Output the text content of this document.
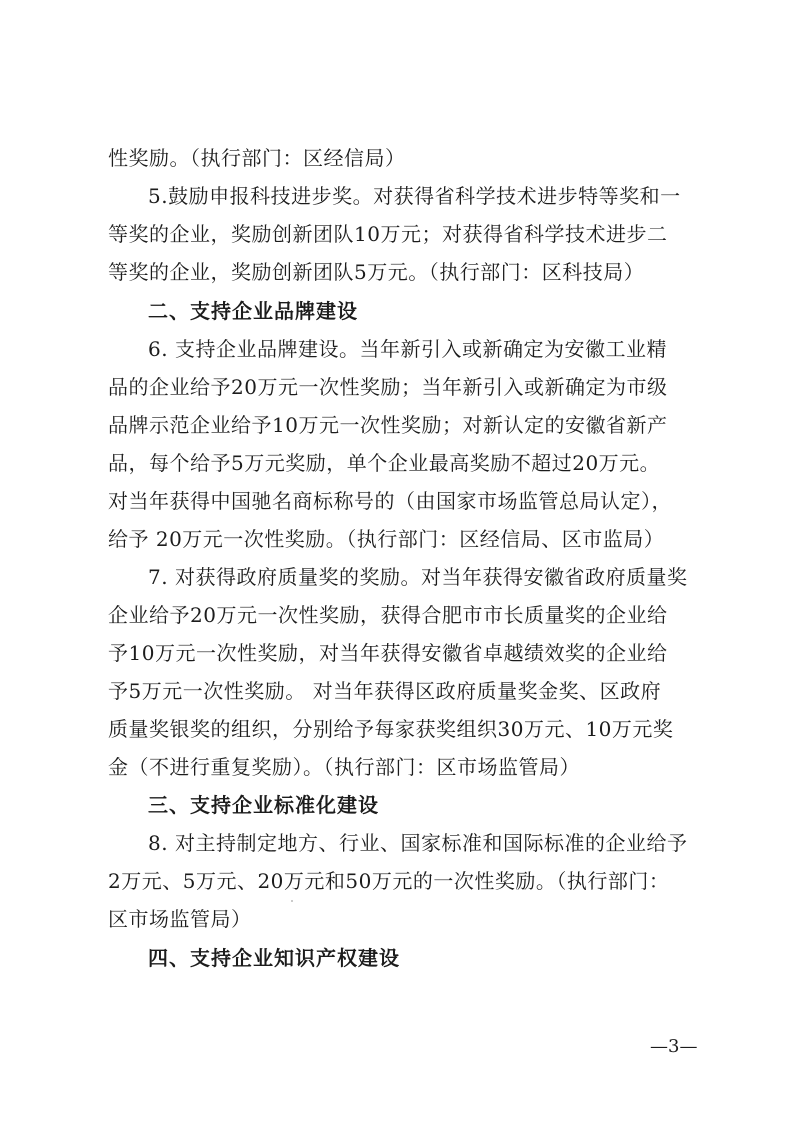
性奖励。（执行部门：区经信局）
5.鼓励申报科技进步奖。对获得省科学技术进步特等奖和一
等奖的企业，奖励创新团队10万元；对获得省科学技术进步二
等奖的企业，奖励创新团队5万元。（执行部门：区科技局）
二、支持企业品牌建设
6. 支持企业品牌建设。当年新引入或新确定为安徽工业精
品的企业给予20万元一次性奖励；当年新引入或新确定为市级
品牌示范企业给予10万元一次性奖励；对新认定的安徽省新产
品，每个给予5万元奖励，单个企业最高奖励不超过20万元。
对当年获得中国驰名商标称号的（由国家市场监管总局认定），
给予 20万元一次性奖励。（执行部门：区经信局、区市监局）
7. 对获得政府质量奖的奖励。对当年获得安徽省政府质量奖
企业给予20万元一次性奖励，获得合肥市市长质量奖的企业给
予10万元一次性奖励，对当年获得安徽省卓越绩效奖的企业给
予5万元一次性奖励。 对当年获得区政府质量奖金奖、区政府
质量奖银奖的组织，分别给予每家获奖组织30万元、10万元奖
金（不进行重复奖励）。（执行部门：区市场监管局）
三、支持企业标准化建设
8. 对主持制定地方、行业、国家标准和国际标准的企业给予
2万元、5万元、20万元和50万元的一次性奖励。（执行部门：
区市场监管局）
四、支持企业知识产权建设
—3—
